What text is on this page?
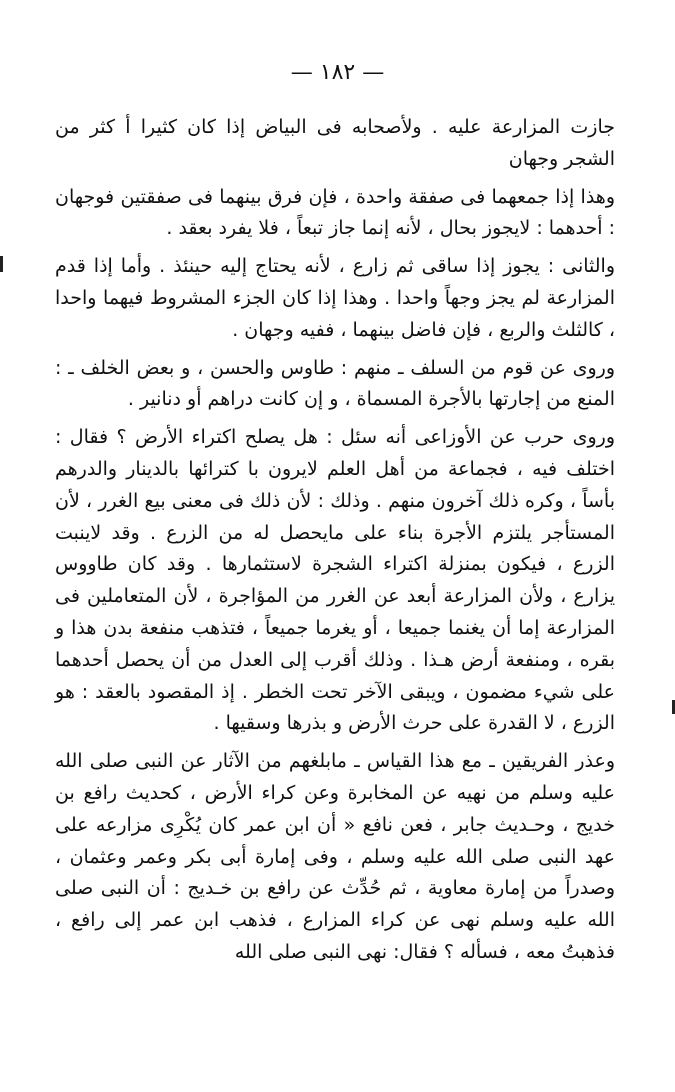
— ١٨٢ —

جازت المزارعة عليه . ولأصحابه فى البياض إذا كان كثيرا أ كثر من الشجر وجهان

وهذا إذا جمعهما فى صفقة واحدة ، فإن فرق بينهما فى صفقتين فوجهان : أحدهما : لايجوز بحال ، لأنه إنما جاز تبعاً ، فلا يفرد بعقد .

والثانى : يجوز إذا ساقى ثم زارع ، لأنه يحتاج إليه حينئذ . وأما إذا قدم المزارعة لم يجز وجهاً واحدا . وهذا إذا كان الجزء المشروط فيهما واحدا ، كالثلث والربع ، فإن فاضل بينهما ، ففيه وجهان .

وروى عن قوم من السلف ـ منهم : طاوس والحسن ، و بعض الخلف ـ : المنع من إجارتها بالأجرة المسماة ، و إن كانت دراهم أو دنانير .

وروى حرب عن الأوزاعى أنه سئل : هل يصلح اكتراء الأرض ؟ فقال : اختلف فيه ، فجماعة من أهل العلم لايرون با كترائها بالدينار والدرهم بأساً ، وكره ذلك آخرون منهم . وذلك : لأن ذلك فى معنى بيع الغرر ، لأن المستأجر يلتزم الأجرة بناء على مايحصل له من الزرع . وقد لاينبت الزرع ، فيكون بمنزلة اكتراء الشجرة لاستثمارها . وقد كان طاووس يزارع ، ولأن المزارعة أبعد عن الغرر من المؤاجرة ، لأن المتعاملين فى المزارعة إما أن يغنما جميعا ، أو يغرما جميعاً ، فتذهب منفعة بدن هذا و بقره ، ومنفعة أرض هـذا . وذلك أقرب إلى العدل من أن يحصل أحدهما على شيء مضمون ، ويبقى الآخر تحت الخطر . إذ المقصود بالعقد : هو الزرع ، لا القدرة على حرث الأرض و بذرها وسقيها .

وعذر الفريقين ـ مع هذا القياس ـ مابلغهم من الآثار عن النبى صلى الله عليه وسلم من نهيه عن المخابرة وعن كراء الأرض ، كحديث رافع بن خديج ، وحـديث جابر ، فعن نافع « أن ابن عمر كان يُكْرِى مزارعه على عهد النبى صلى الله عليه وسلم ، وفى إمارة أبى بكر وعمر وعثمان ، وصدراً من إمارة معاوية ، ثم حُدِّث عن رافع بن خـديج : أن النبى صلى الله عليه وسلم نهى عن كراء المزارع ، فذهب ابن عمر إلى رافع ، فذهبتُ معه ، فسأله ؟ فقال: نهى النبى صلى الله
